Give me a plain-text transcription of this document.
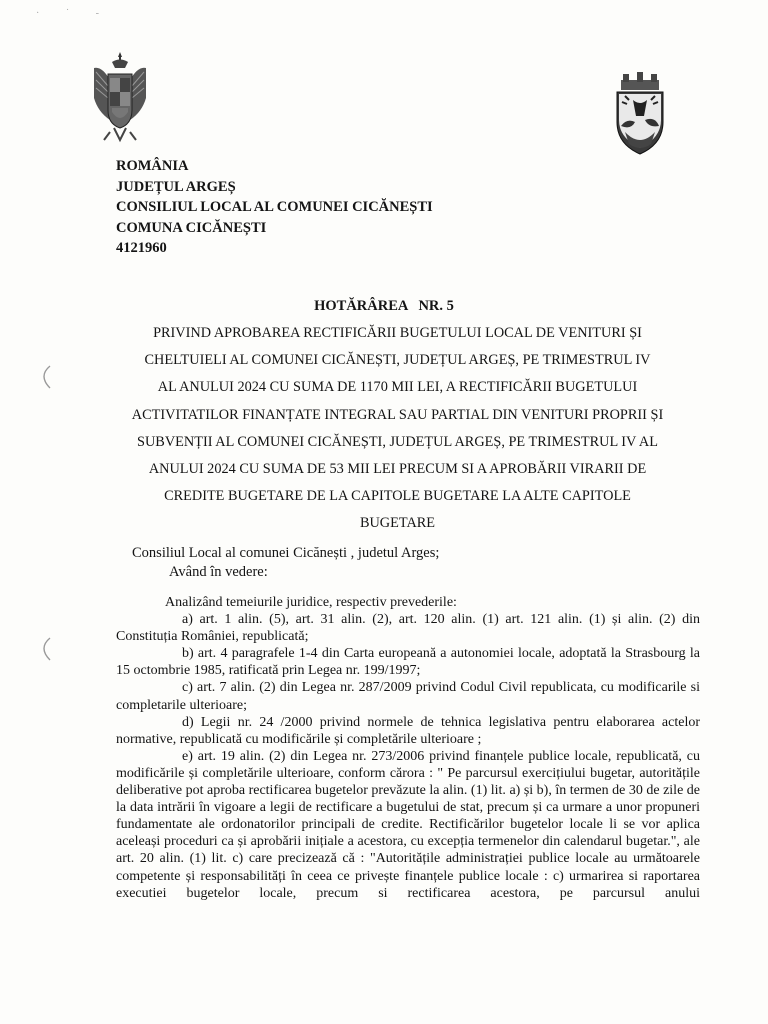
· ˙ -
ROMÂNIA
JUDEȚUL ARGEȘ
CONSILIUL LOCAL AL COMUNEI CICĂNEȘTI
COMUNA CICĂNEȘTI
4121960
HOTĂRÂREA   NR. 5
PRIVIND APROBAREA RECTIFICĂRII BUGETULUI LOCAL DE VENITURI ȘI
CHELTUIELI AL COMUNEI CICĂNEȘTI, JUDEȚUL ARGEȘ, PE TRIMESTRUL IV
AL ANULUI 2024 CU SUMA DE 1170 MII LEI, A RECTIFICĂRII BUGETULUI
ACTIVITATILOR FINANȚATE INTEGRAL SAU PARTIAL DIN VENITURI PROPRII ȘI
SUBVENȚII AL COMUNEI CICĂNEȘTI, JUDEȚUL ARGEȘ, PE TRIMESTRUL IV AL
ANULUI 2024 CU SUMA DE 53 MII LEI PRECUM SI A APROBĂRII VIRARII DE
CREDITE BUGETARE DE LA CAPITOLE BUGETARE LA ALTE CAPITOLE
BUGETARE
Consiliul Local al comunei Cicănești , judetul Arges;
Având în vedere:

Analizând temeiurile juridice, respectiv prevederile:

a) art. 1 alin. (5), art. 31 alin. (2), art. 120 alin. (1) art. 121 alin. (1) și alin. (2) din Constituția României, republicată;

b) art. 4 paragrafele 1-4 din Carta europeană a autonomiei locale, adoptată la Strasbourg la 15 octombrie 1985, ratificată prin Legea nr. 199/1997;

c) art. 7 alin. (2) din Legea nr. 287/2009 privind Codul Civil republicata, cu modificarile si completarile ulterioare;

d) Legii nr. 24 /2000 privind normele de tehnica legislativa pentru elaborarea actelor normative, republicată cu modificările și completările ulterioare ;

e) art. 19 alin. (2) din Legea nr. 273/2006 privind finanțele publice locale, republicată, cu modificările și completările ulterioare, conform cărora : " Pe parcursul exercițiului bugetar, autoritățile deliberative pot aproba rectificarea bugetelor prevăzute la alin. (1) lit. a) și b), în termen de 30 de zile de la data intrării în vigoare a legii de rectificare a bugetului de stat, precum și ca urmare a unor propuneri fundamentate ale ordonatorilor principali de credite. Rectificărilor bugetelor locale li se vor aplica aceleași proceduri ca și aprobării inițiale a acestora, cu excepția termenelor din calendarul bugetar.", ale art. 20 alin. (1) lit. c) care precizează că : "Autoritățile administrației publice locale au următoarele competente și responsabilități în ceea ce privește finanțele publice locale : c) urmarirea si raportarea executiei bugetelor locale, precum si rectificarea acestora, pe parcursul anului
